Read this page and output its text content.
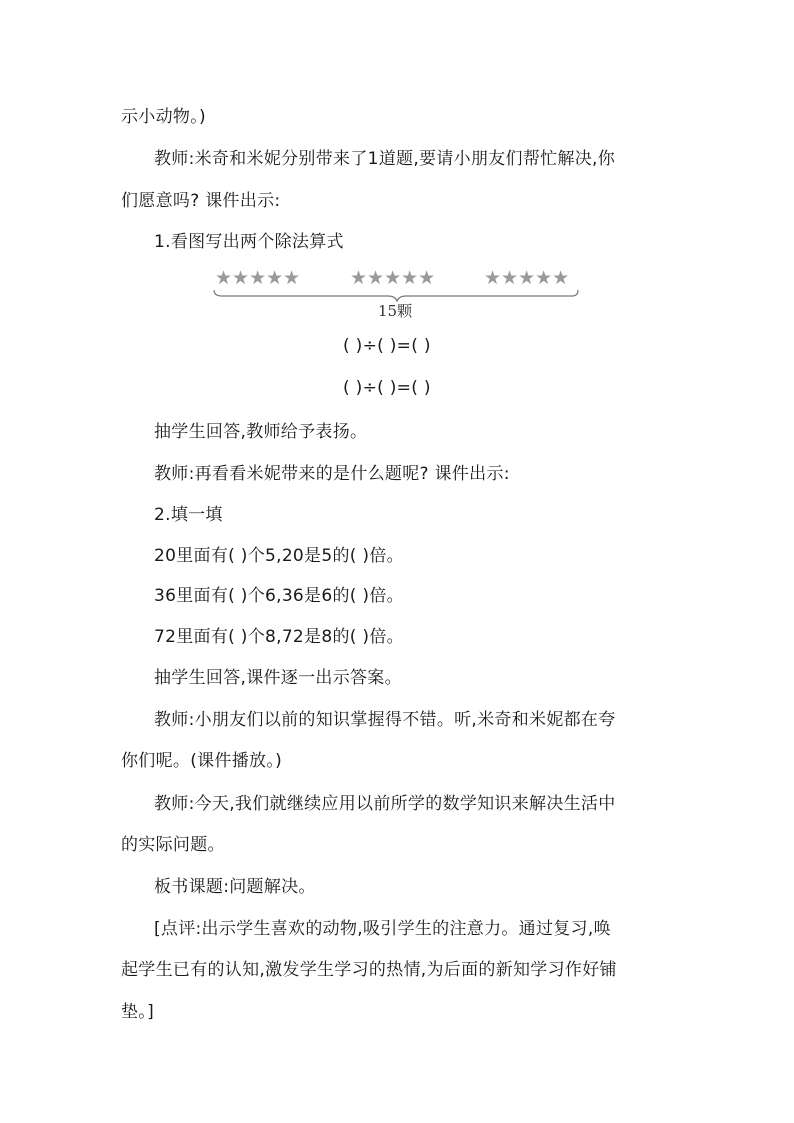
示小动物。)
教师:米奇和米妮分别带来了1道题,要请小朋友们帮忙解决,你
们愿意吗? 课件出示:
1.看图写出两个除法算式
★★★★★	★★★★★	★★★★★
15颗
( )÷( )=( )
( )÷( )=( )
抽学生回答,教师给予表扬。
教师:再看看米妮带来的是什么题呢? 课件出示:
2.填一填
20里面有( )个5,20是5的( )倍。
36里面有( )个6,36是6的( )倍。
72里面有( )个8,72是8的( )倍。
抽学生回答,课件逐一出示答案。
教师:小朋友们以前的知识掌握得不错。听,米奇和米妮都在夸
你们呢。(课件播放。)
教师:今天,我们就继续应用以前所学的数学知识来解决生活中
的实际问题。
板书课题:问题解决。
[点评:出示学生喜欢的动物,吸引学生的注意力。通过复习,唤
起学生已有的认知,激发学生学习的热情,为后面的新知学习作好铺
垫。]
